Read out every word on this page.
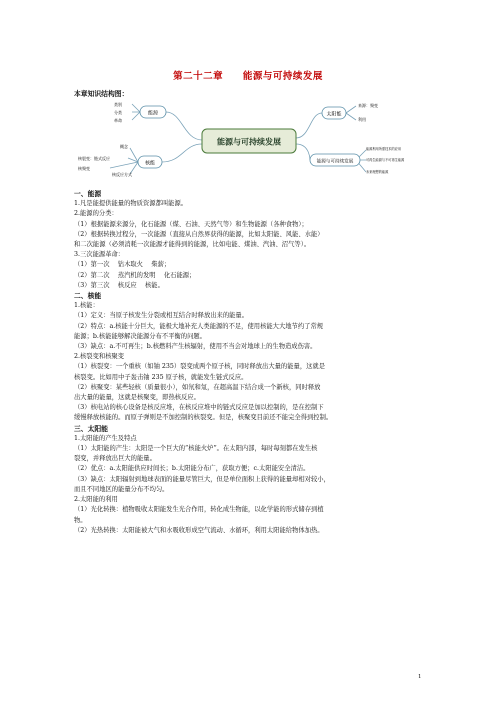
第二十二章 能源与可持续发展
本章知识结构图：
能源与可持续发展
能源
类别
分类
革命
核能
概念
核裂变：链式反应
核聚变
核反应方式
太阳能
来源：聚变
利用
能源与可持续发展
能源利用所需技术的应用
可再生能源与不可再生能源
未来理想的能源
一、能源
1.凡是能提供能量的物质资源都叫能源。
2.能源的分类：
（1）根据能源来源分，化石能源（煤、石油、天然气等）和生物能源（各种食物）；
（2）根据转换过程分，一次能源（直接从自然界获得的能源，比如太阳能、风能、水能）
和二次能源（必须消耗一次能源才能得到的能源，比如电能、煤油、汽油、沼气等）。
3.三次能源革命：
（1）第一次　 钻木取火　 柴薪；
（2）第二次　 蒸汽机的发明　 化石能源；
（3）第三次　 核反应　 核能。
二、核能
1.核能：
（1）定义：当原子核发生分裂或相互结合时释放出来的能量。
（2）特点：a.核能十分巨大，能极大地补充人类能源的不足，使用核能大大地节约了常规
能源；b.核能能够解决能源分布不平衡的问题。
（3）缺点：a.不可再生；b.核燃料产生核辐射，使用不当会对地球上的生物造成伤害。
2.核裂变和核聚变
（1）核裂变：一个重核（如铀 235）裂变成两个原子核，同时释放出大量的能量，这就是
核裂变。比如用中子轰击铀 235 原子核，就能发生链式反应。
（2）核聚变：某些轻核（质量很小），如氘和氚，在超高温下结合成一个新核，同时释放
出大量的能量，这就是核聚变，即热核反应。
（3）核电站的核心设备是核反应堆，在核反应堆中的链式反应是加以控制的，是在控制下
缓慢释放核能的。而原子弹则是不加控制的核裂变。但是，核聚变目前还不能完全得到控制。
三、太阳能
1.太阳能的产生及特点
（1）太阳能的产生：太阳是一个巨大的“核能火炉”。在太阳内部，每时每刻都在发生核
裂变，并释放出巨大的能量。
（2）优点：a.太阳能供应时间长；b.太阳能分布广，获取方便；c.太阳能安全清洁。
（3）缺点：太阳辐射到地球表面的能量尽管巨大，但是单位面积上获得的能量却相对较小，
而且不同地区的能量分布不均匀。
2.太阳能的利用
（1）光化转换：植物吸收太阳能发生光合作用，转化成生物能，以化学能的形式储存到植
物。
（2）光热转换：太阳能被大气和水吸收形成空气流动、水循环，利用太阳能给物体加热。
1
